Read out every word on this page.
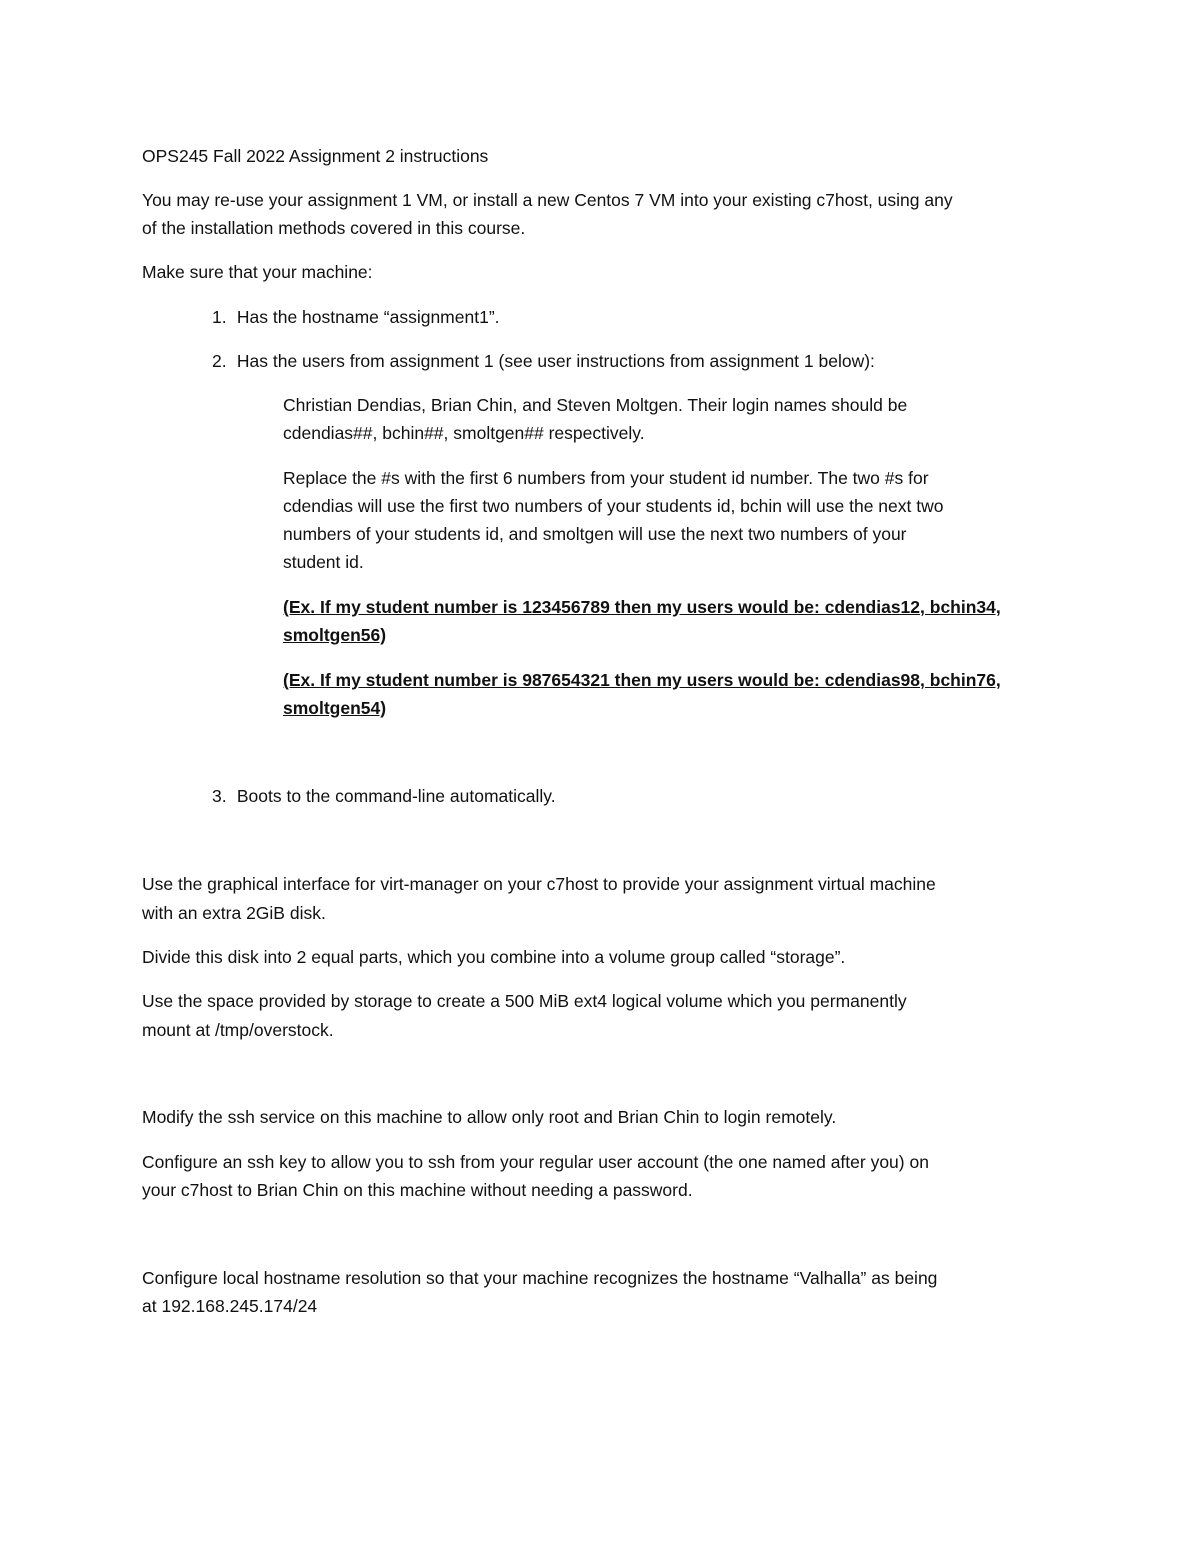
OPS245 Fall 2022 Assignment 2 instructions

You may re-use your assignment 1 VM, or install a new Centos 7 VM into your existing c7host, using any

of the installation methods covered in this course.

Make sure that your machine:

1. Has the hostname “assignment1”.

2. Has the users from assignment 1 (see user instructions from assignment 1 below):

Christian Dendias, Brian Chin, and Steven Moltgen. Their login names should be

cdendias##, bchin##, smoltgen## respectively.

Replace the #s with the first 6 numbers from your student id number. The two #s for

cdendias will use the first two numbers of your students id, bchin will use the next two

numbers of your students id, and smoltgen will use the next two numbers of your

student id.

(Ex. If my student number is 123456789 then my users would be: cdendias12, bchin34,

smoltgen56)

(Ex. If my student number is 987654321 then my users would be: cdendias98, bchin76,

smoltgen54)

3. Boots to the command-line automatically.

Use the graphical interface for virt-manager on your c7host to provide your assignment virtual machine

with an extra 2GiB disk.

Divide this disk into 2 equal parts, which you combine into a volume group called “storage”.

Use the space provided by storage to create a 500 MiB ext4 logical volume which you permanently

mount at /tmp/overstock.

Modify the ssh service on this machine to allow only root and Brian Chin to login remotely.

Configure an ssh key to allow you to ssh from your regular user account (the one named after you) on

your c7host to Brian Chin on this machine without needing a password.

Configure local hostname resolution so that your machine recognizes the hostname “Valhalla” as being

at 192.168.245.174/24
